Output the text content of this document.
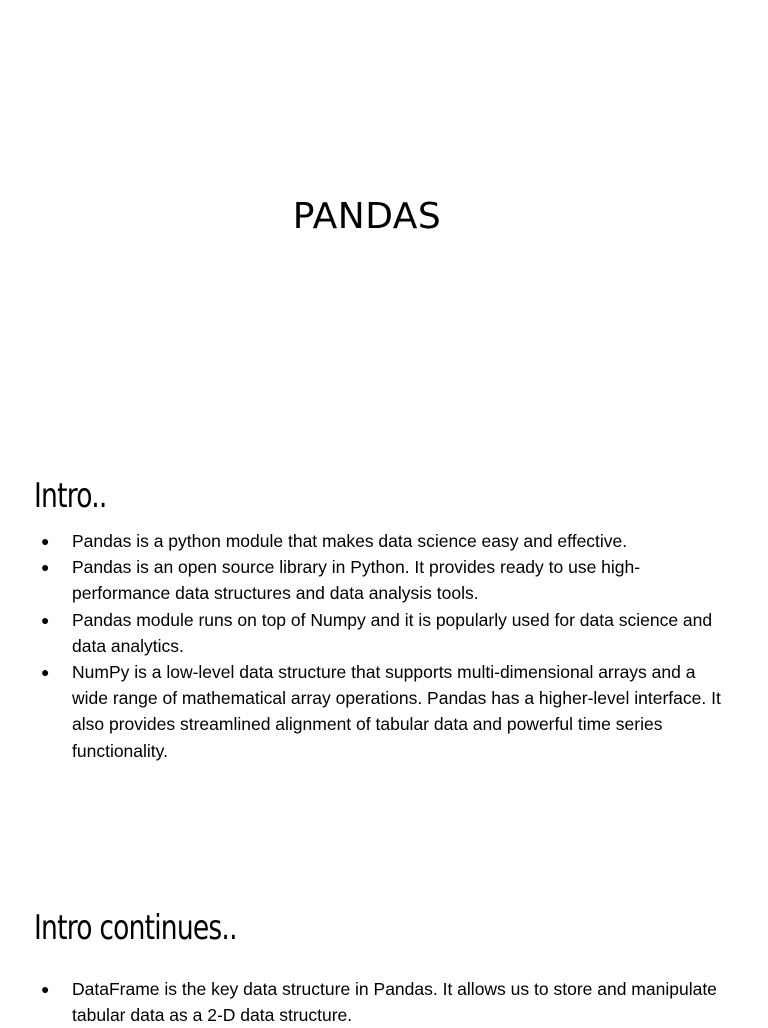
PANDAS
Intro..
● Pandas is a python module that makes data science easy and effective.
● Pandas is an open source library in Python. It provides ready to use high-performance data structures and data analysis tools.
● Pandas module runs on top of Numpy and it is popularly used for data science and data analytics.
● NumPy is a low-level data structure that supports multi-dimensional arrays and a wide range of mathematical array operations. Pandas has a higher-level interface. It also provides streamlined alignment of tabular data and powerful time series functionality.
Intro continues..
● DataFrame is the key data structure in Pandas. It allows us to store and manipulate tabular data as a 2-D data structure.
